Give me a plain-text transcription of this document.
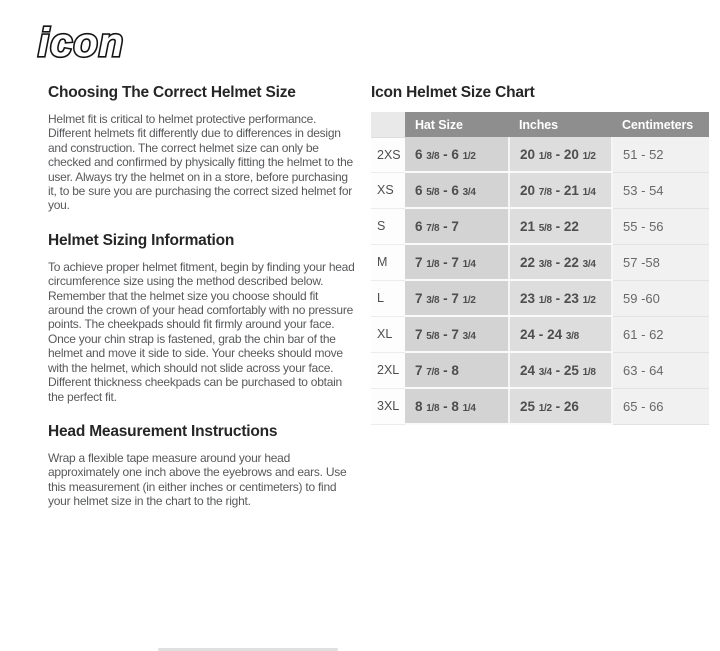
icon
Choosing The Correct Helmet Size

Helmet fit is critical to helmet protective performance. Different helmets fit differently due to differences in design and construction. The correct helmet size can only be checked and confirmed by physically fitting the helmet to the user. Always try the helmet on in a store, before purchasing it, to be sure you are purchasing the correct sized helmet for you.

Helmet Sizing Information

To achieve proper helmet fitment, begin by finding your head circumference size using the method described below. Remember that the helmet size you choose should fit around the crown of your head comfortably with no pressure points. The cheekpads should fit firmly around your face. Once your chin strap is fastened, grab the chin bar of the helmet and move it side to side. Your cheeks should move with the helmet, which should not slide across your face. Different thickness cheekpads can be purchased to obtain the perfect fit.

Head Measurement Instructions

Wrap a flexible tape measure around your head approximately one inch above the eyebrows and ears. Use this measurement (in either inches or centimeters) to find your helmet size in the chart to the right.

Icon Helmet Size Chart
	Hat Size	Inches	Centimeters
2XS	6 3/8 - 6 1/2	20 1/8 - 20 1/2	51 - 52
XS	6 5/8 - 6 3/4	20 7/8 - 21 1/4	53 - 54
S	6 7/8 - 7	21 5/8 - 22	55 - 56
M	7 1/8 - 7 1/4	22 3/8 - 22 3/4	57 -58
L	7 3/8 - 7 1/2	23 1/8 - 23 1/2	59 -60
XL	7 5/8 - 7 3/4	24 - 24 3/8	61 - 62
2XL	7 7/8 - 8	24 3/4 - 25 1/8	63 - 64
3XL	8 1/8 - 8 1/4	25 1/2 - 26	65 - 66
